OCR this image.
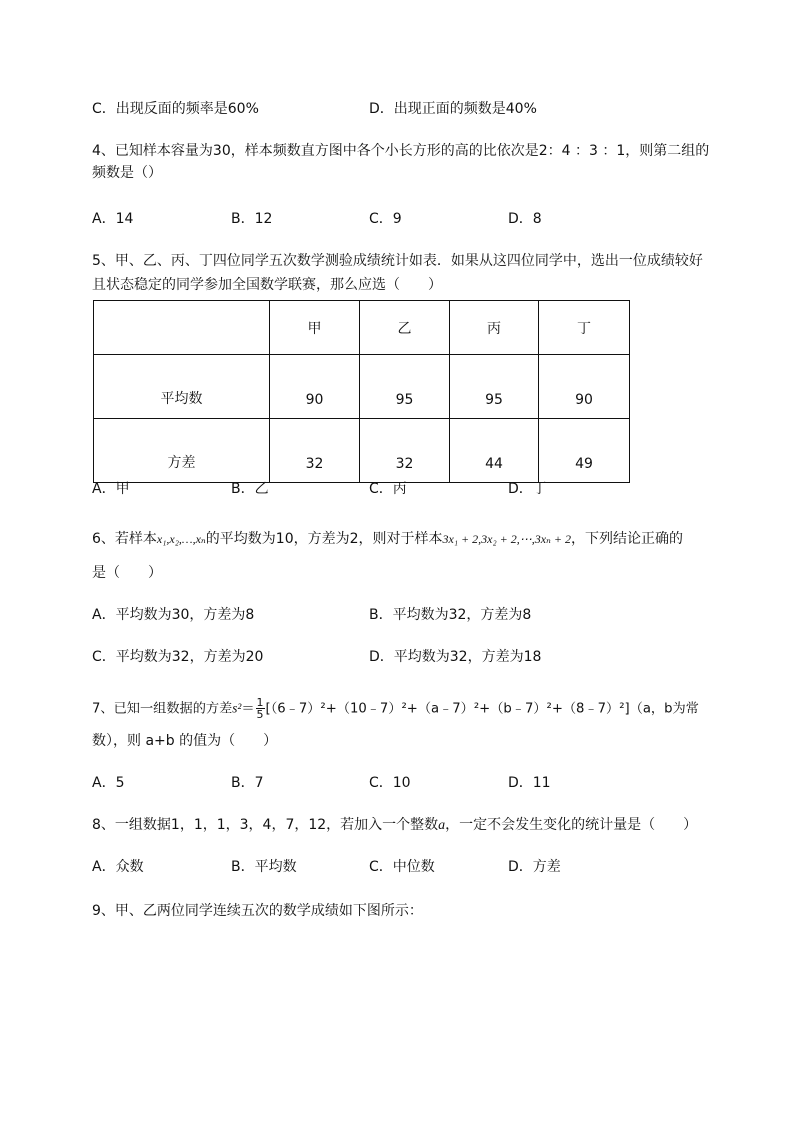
C．出现反面的频率是60%	D．出现正面的频数是40%
4、已知样本容量为30，样本频数直方图中各个小长方形的高的比依次是2：4 ：3 ：1，则第二组的
频数是（）
A．14	B．12	C．9	D．8
5、甲、乙、丙、丁四位同学五次数学测验成绩统计如表．如果从这四位同学中，选出一位成绩较好
且状态稳定的同学参加全国数学联赛，那么应选（　　）
	甲	乙	丙	丁
平均数	90	95	95	90
方差	32	32	44	49
A．甲	B．乙	C．丙	D．丁
6、若样本x₁,x₂,…,xₙ的平均数为10，方差为2，则对于样本3x₁ + 2,3x₂ + 2,⋯,3xₙ + 2，下列结论正确的
是（　　）
A．平均数为30，方差为8	B．平均数为32，方差为8
C．平均数为32，方差为20	D．平均数为32，方差为18
7、已知一组数据的方差$s^2= \frac{1}{5}$ [（6﹣7）²+（10﹣7）²+（a﹣7）²+（b﹣7）²+（8﹣7）²]（a，b为常
数），则 a+b 的值为（　　）
A．5	B．7	C．10	D．11
8、一组数据1，1，1，3，4，7，12，若加入一个整数a，一定不会发生变化的统计量是（　　）
A．众数	B．平均数	C．中位数	D．方差
9、甲、乙两位同学连续五次的数学成绩如下图所示：
